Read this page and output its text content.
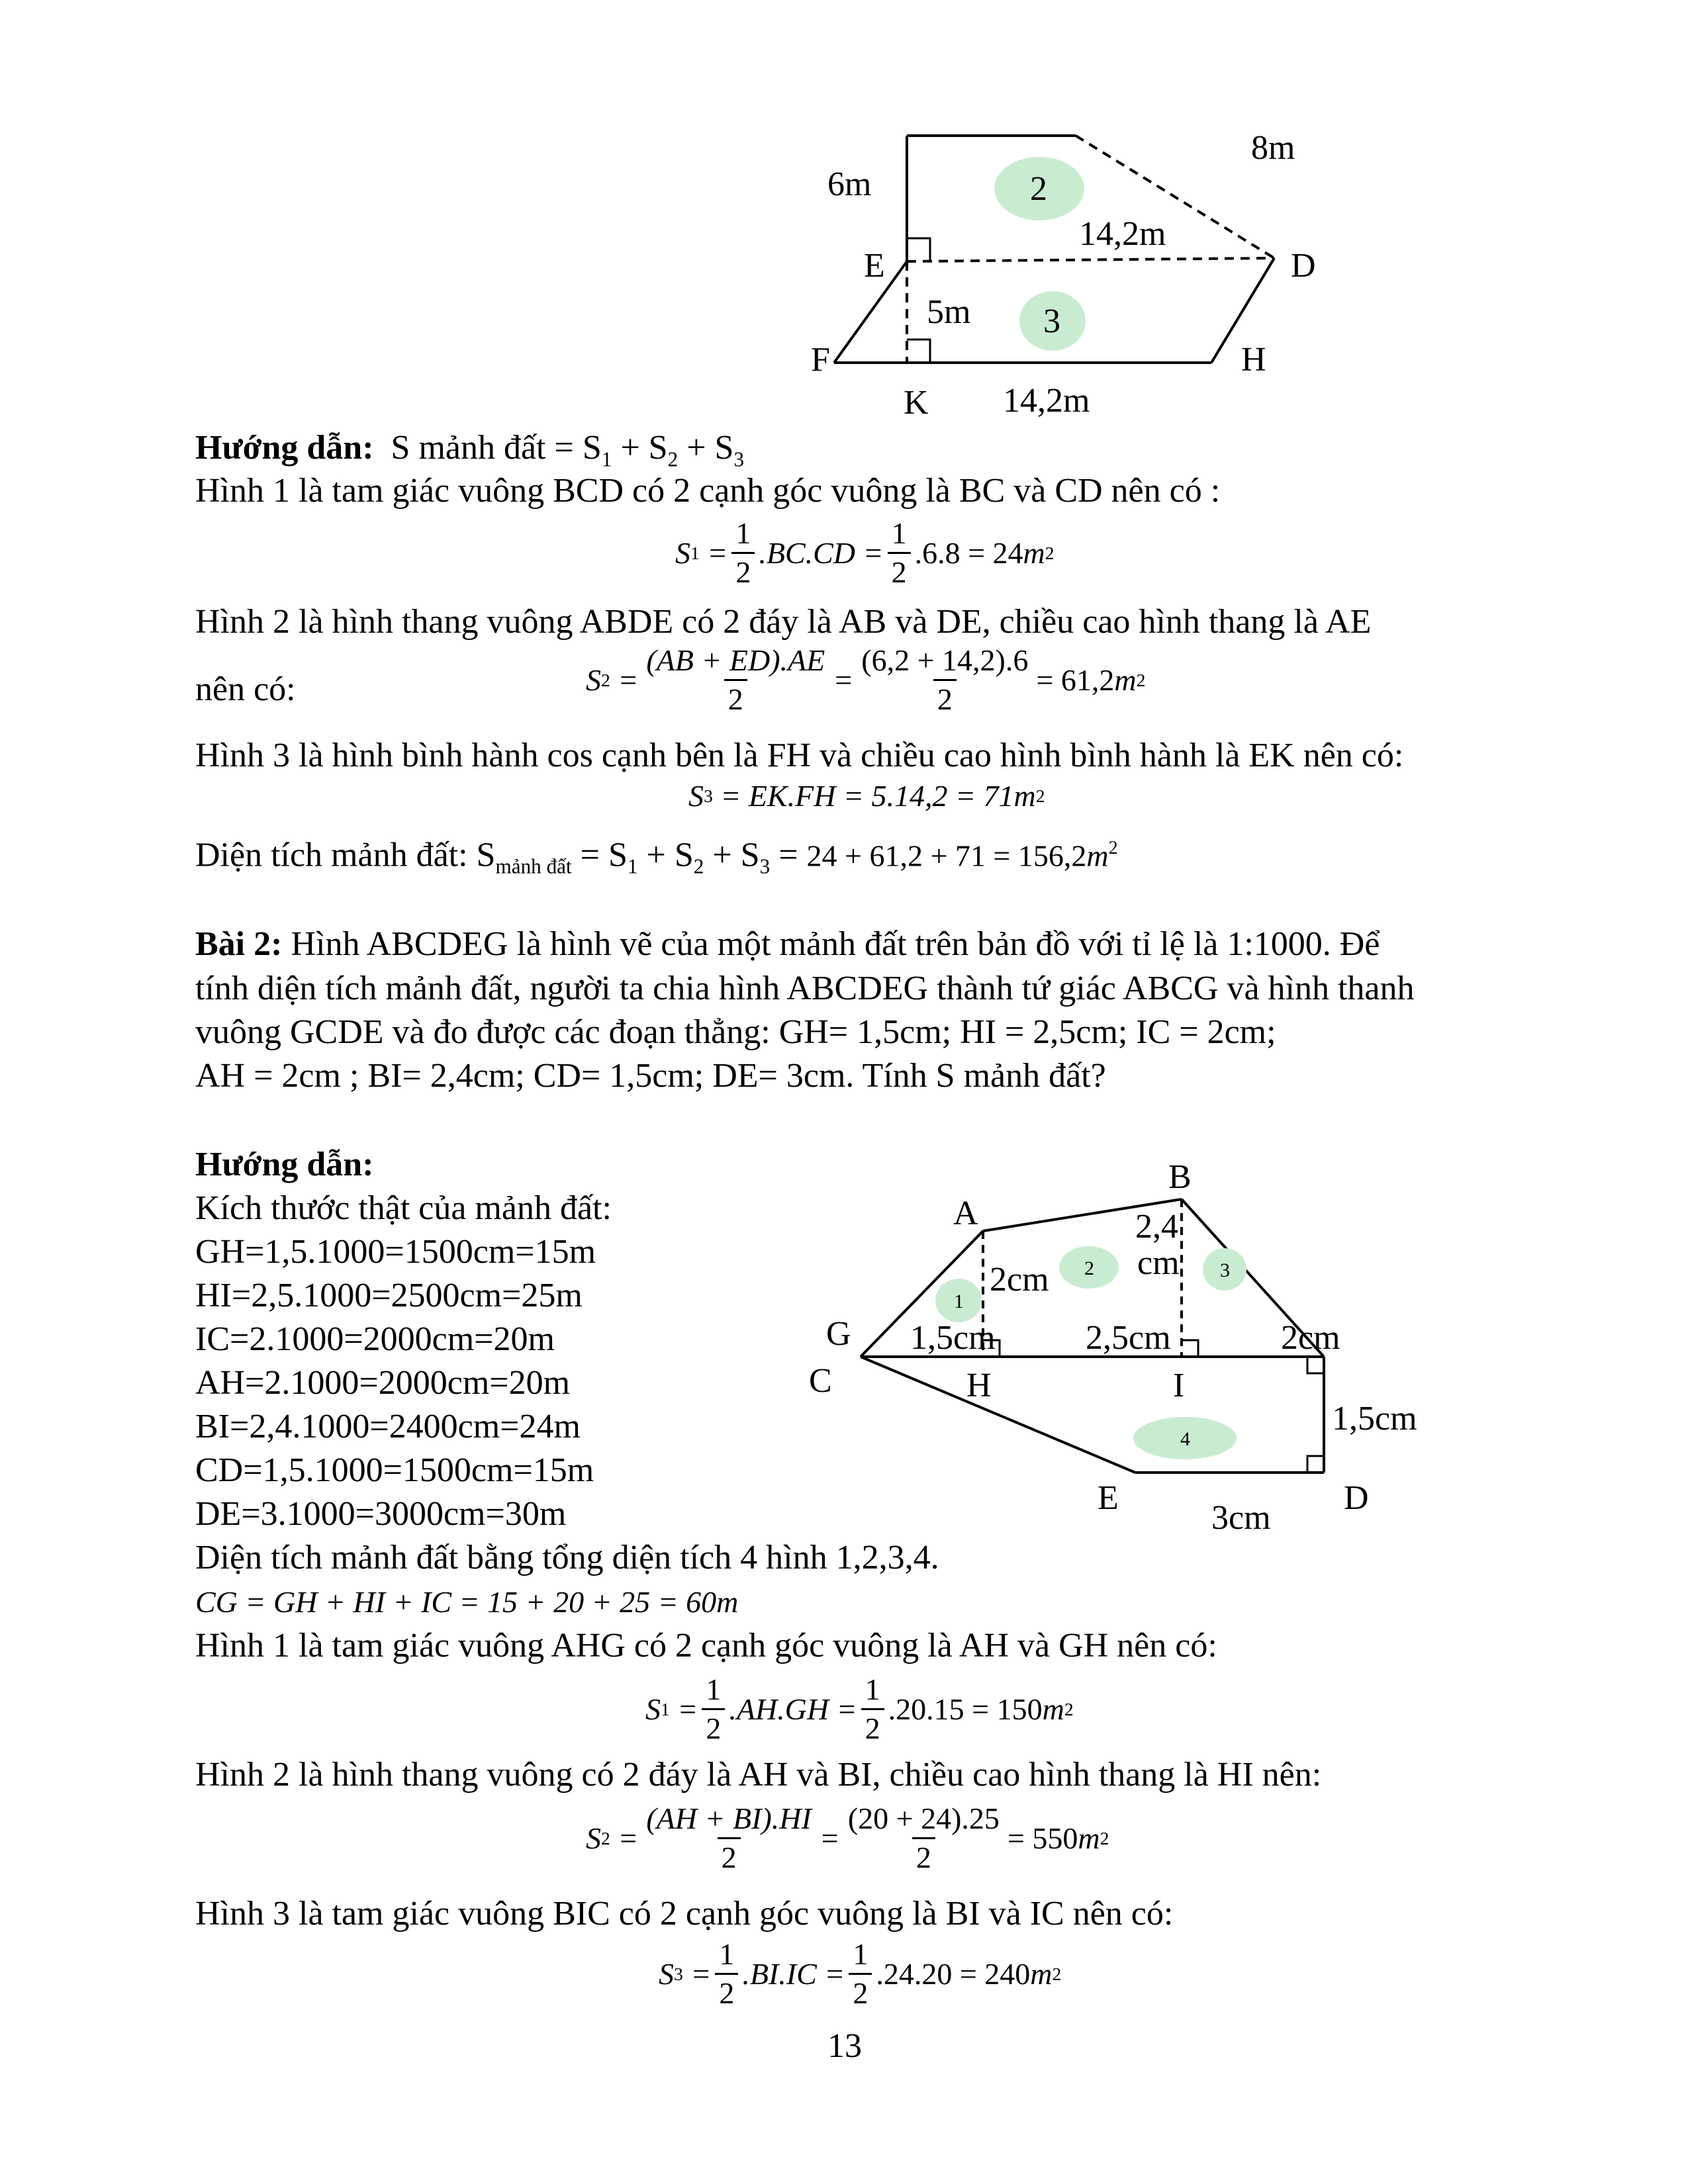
6m
8m
2
14,2m
E	D
5m 3
F	H
K 14,2m
Hướng dẫn: S mảnh đất = $S_1 + S_2 + S_3$
Hình 1 là tam giác vuông BCD có 2 cạnh góc vuông là BC và CD nên có :
S $1 = \frac{1}{2} .BC.CD = \frac{1}{2} .6.8 = 24$ m 2
Hình 2 là hình thang vuông ABDE có 2 đáy là AB và DE, chiều cao hình thang là AE
nên có:	S $2 = \frac{(AB + ED).AE}{2} = \frac{(6,2 + 14,2).6}{2} = 61,2$ m 2
Hình 3 là hình bình hành cos cạnh bên là FH và chiều cao hình bình hành là EK nên có:
S 3
= EK.FH = 5.14,2 = 71 m 2
Diện tích mảnh đất: $S_{mảnh đất} = S_1 + S_2 + S_3 = 24 + 61,2 + 71 = 156,2m^2$
Bài 2: Hình ABCDEG là hình vẽ của một mảnh đất trên bản đồ với tỉ lệ là 1:1000. Để
tính diện tích mảnh đất, người ta chia hình ABCDEG thành tứ giác ABCG và hình thanh
vuông GCDE và đo được các đoạn thẳng: GH= 1,5cm; HI = 2,5cm; IC = 2cm;
AH = 2cm ; BI= 2,4cm; CD= 1,5cm; DE= 3cm. Tính S mảnh đất?
Hướng dẫn:
Kích thước thật của mảnh đất:
GH=1,5.1000=1500cm=15m
HI=2,5.1000=2500cm=25m
IC=2.1000=2000cm=20m
AH=2.1000=2000cm=20m
BI=2,4.1000=2400cm=24m
CD=1,5.1000=1500cm=15m
DE=3.1000=3000cm=30m
Diện tích mảnh đất bằng tổng diện tích 4 hình 1,2,3,4.
CG = GH + HI + IC = 15 + 20 + 25 = 60m
Hình 1 là tam giác vuông AHG có 2 cạnh góc vuông là AH và GH nên có:
S $1 = \frac{1}{2} .AH.GH = \frac{1}{2} .20.15 = 150$ m 2
Hình 2 là hình thang vuông có 2 đáy là AH và BI, chiều cao hình thang là HI nên:
S $2 = \frac{(AH + BI).HI}{2} = \frac{(20 + 24).25}{2} = 550$ m 2
Hình 3 là tam giác vuông BIC có 2 cạnh góc vuông là BI và IC nên có:
S $3 = \frac{1}{2} .BI.IC = \frac{1}{2} .24.20 = 240$ m 2
1
2	3
4
B
A	2,4
cm
2cm
G 1,5cm	2,5cm	2cm
C	H	I
1,5cm
E	D
3cm
13
